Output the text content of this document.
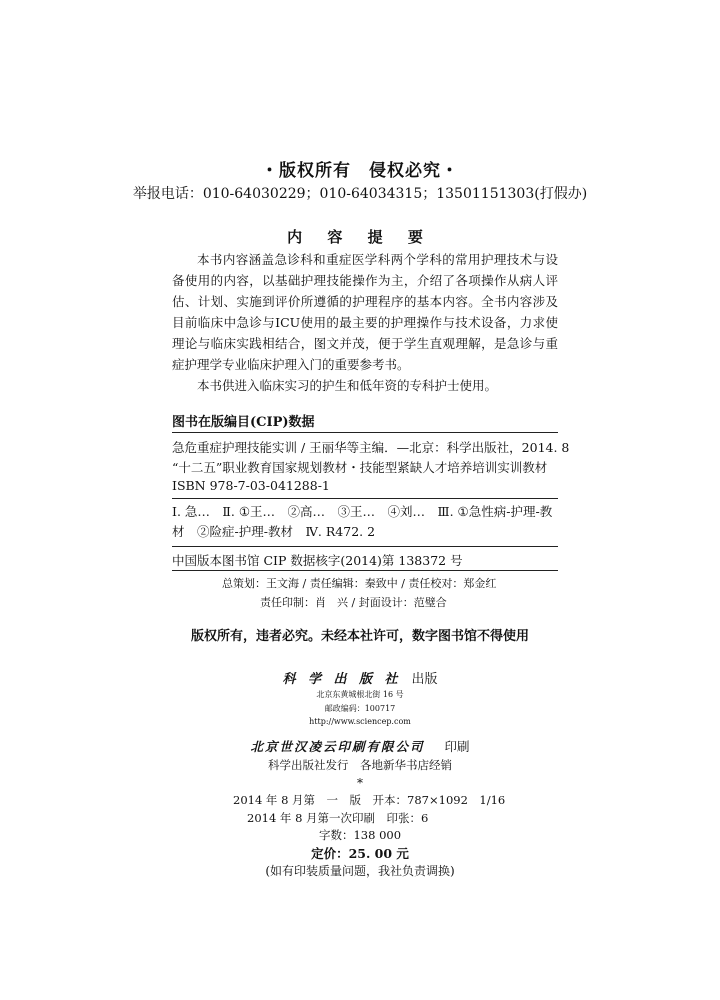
・版权所有　侵权必究・
举报电话：010-64030229；010-64034315；13501151303(打假办)
内 容 提 要

本书内容涵盖急诊科和重症医学科两个学科的常用护理技术与设备使用的内容，以基础护理技能操作为主，介绍了各项操作从病人评估、计划、实施到评价所遵循的护理程序的基本内容。全书内容涉及目前临床中急诊与ICU使用的最主要的护理操作与技术设备，力求使理论与临床实践相结合，图文并茂，便于学生直观理解，是急诊与重症护理学专业临床护理入门的重要参考书。

本书供进入临床实习的护生和低年资的专科护士使用。

图书在版编目(CIP)数据
急危重症护理技能实训 / 王丽华等主编．—北京：科学出版社，2014. 8
“十二五”职业教育国家规划教材・技能型紧缺人才培养培训实训教材
ISBN 978-7-03-041288-1
Ⅰ. 急…　Ⅱ. ①王…　②高…　③王…　④刘…　Ⅲ. ①急性病-护理-教材　②险症-护理-教材　Ⅳ. R472. 2
中国版本图书馆 CIP 数据核字(2014)第 138372 号
总策划：王文海 / 责任编辑：秦致中 / 责任校对：郑金红
责任印制：肖　兴 / 封面设计：范璧合
版权所有，违者必究。未经本社许可，数字图书馆不得使用
科 学 出 版 社 出版
北京东黄城根北街 16 号
邮政编码：100717
http://www.sciencep.com
北京世汉凌云印刷有限公司 印刷
科学出版社发行　各地新华书店经销
*
2014 年 8 月第　一　版　开本：787×1092　1/16
2014 年 8 月第一次印刷　印张：6
字数：138 000
定价：25. 00 元
(如有印装质量问题，我社负责调换)
